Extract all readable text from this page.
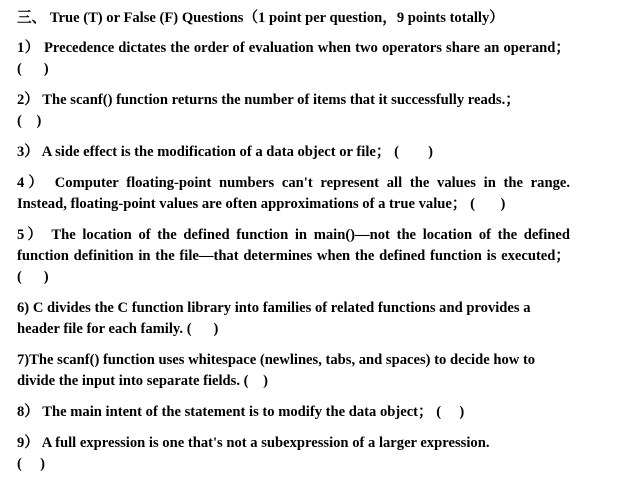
三、 True (T) or False (F) Questions（1 point per question，9 points totally）
1） Precedence dictates the order of evaluation when two operators share an operand； (      )
2） The scanf() function returns the number of items that it successfully reads.；
(    )
3） A side effect is the modification of a data object or file； (        )
4） Computer floating-point numbers can't represent all the values in the range. Instead, floating-point values are often approximations of a true value； (       )
5） The location of the defined function in main()—not the location of the defined function definition in the file—that determines when the defined function is executed； (      )
6) C divides the C function library into families of related functions and provides a header file for each family. (      )
7)The scanf() function uses whitespace (newlines, tabs, and spaces) to decide how to divide the input into separate fields. (    )
8） The main intent of the statement is to modify the data object； (     )
9） A full expression is one that's not a subexpression of a larger expression.
(     )
